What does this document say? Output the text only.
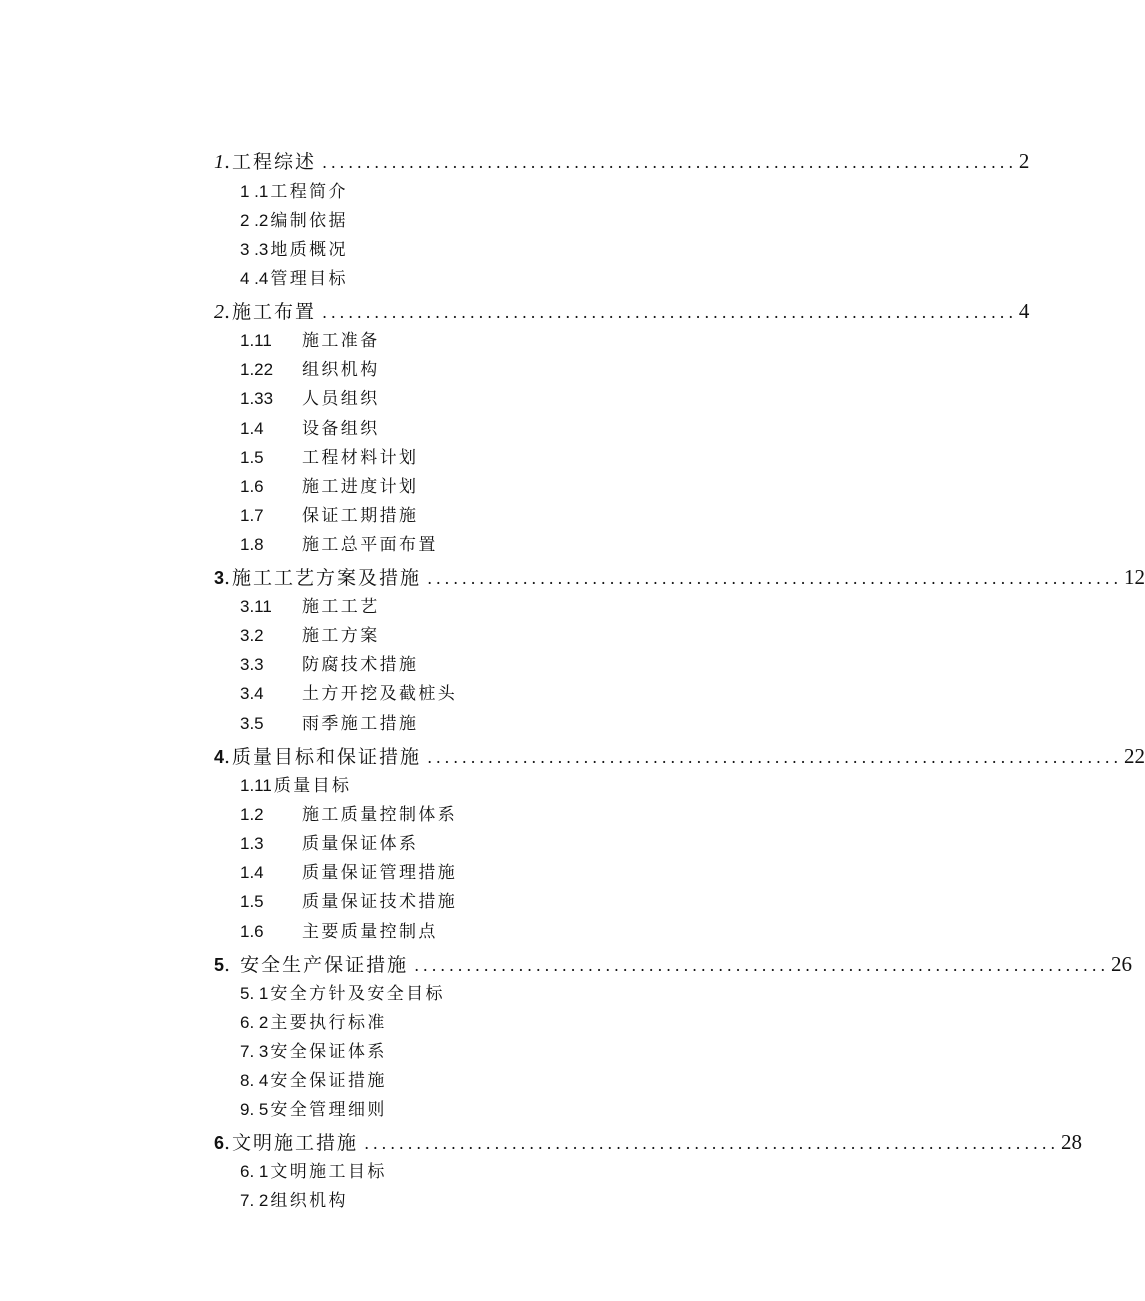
1 .工程综述 ................................................................................ 2
1 .1 工程简介
2 .2 编制依据
3 .3 地质概况
4 .4 管理目标
2 .施工布置 ................................................................................ 4
1.11 施工准备
1.22 组织机构
1.33 人员组织
1.4 设备组织
1.5 工程材料计划
1.6 施工进度计划
1.7 保证工期措施
1.8 施工总平面布置
3 .施工工艺方案及措施 ................................................................................ 12
3.11 施工工艺
3.2 施工方案
3.3 防腐技术措施
3.4 土方开挖及截桩头
3.5 雨季施工措施
4 .质量目标和保证措施 ................................................................................ 22
1.11 质量目标
1.2 施工质量控制体系
1.3 质量保证体系
1.4 质量保证管理措施
1.5 质量保证技术措施
1.6 主要质量控制点
5 . 安全生产保证措施 ................................................................................ 26
5. 1 安全方针及安全目标
6. 2 主要执行标准
7. 3 安全保证体系
8. 4 安全保证措施
9. 5 安全管理细则
6 .文明施工措施 ................................................................................ 28
6. 1 文明施工目标
7. 2 组织机构
